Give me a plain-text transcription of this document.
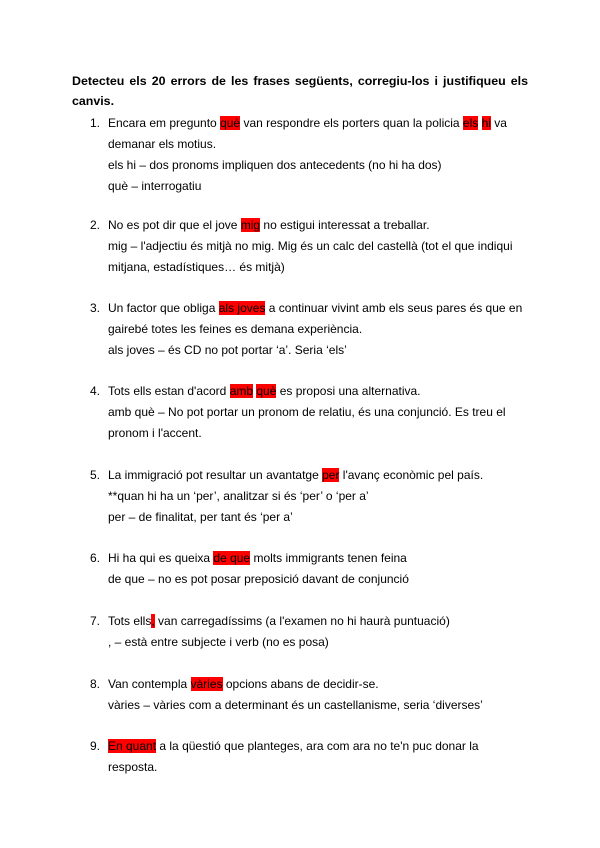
Detecteu els 20 errors de les frases següents, corregiu-los i justifiqueu els canvis.
1. Encara em pregunto què van respondre els porters quan la policia els hi va
demanar els motius.
els hi – dos pronoms impliquen dos antecedents (no hi ha dos)
què – interrogatiu
2. No es pot dir que el jove mig no estigui interessat a treballar.
mig – l'adjectiu és mitjà no mig. Mig és un calc del castellà (tot el que indiqui
mitjana, estadístiques… és mitjà)
3. Un factor que obliga als joves a continuar vivint amb els seus pares és que en
gairebé totes les feines es demana experiència.
als joves – és CD no pot portar ‘a’. Seria ‘els’
4. Tots ells estan d'acord amb què es proposi una alternativa.
amb què – No pot portar un pronom de relatiu, és una conjunció. Es treu el
pronom i l'accent.
5. La immigració pot resultar un avantatge per l'avanç econòmic pel país.
**quan hi ha un ‘per’, analitzar si és ‘per’ o ‘per a’
per – de finalitat, per tant és ‘per a’
6. Hi ha qui es queixa de que molts immigrants tenen feina
de que – no es pot posar preposició davant de conjunció
7. Tots ells, van carregadíssims (a l'examen no hi haurà puntuació)
, – està entre subjecte i verb (no es posa)
8. Van contempla vàries opcions abans de decidir-se.
vàries – vàries com a determinant és un castellanisme, seria ‘diverses’
9. En quant a la qüestió que planteges, ara com ara no te'n puc donar la
resposta.
